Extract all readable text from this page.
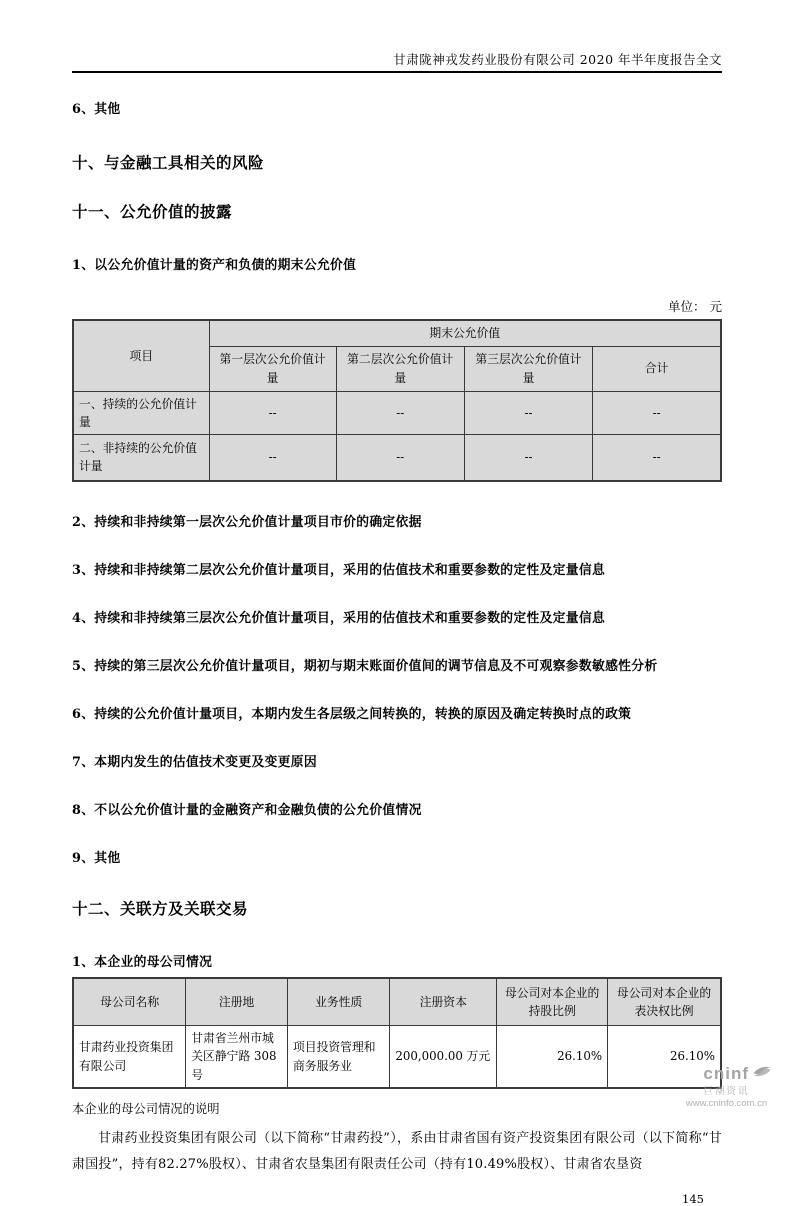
甘肃陇神戎发药业股份有限公司 2020 年半年度报告全文
6、其他
十、与金融工具相关的风险
十一、公允价值的披露
1、以公允价值计量的资产和负债的期末公允价值
单位： 元
项目	期末公允价值			
	第一层次公允价值计量	第二层次公允价值计量	第三层次公允价值计量	合计
一、持续的公允价值计量	--	--	--	--
二、非持续的公允价值计量	--	--	--	--
2、持续和非持续第一层次公允价值计量项目市价的确定依据
3、持续和非持续第二层次公允价值计量项目，采用的估值技术和重要参数的定性及定量信息
4、持续和非持续第三层次公允价值计量项目，采用的估值技术和重要参数的定性及定量信息
5、持续的第三层次公允价值计量项目，期初与期末账面价值间的调节信息及不可观察参数敏感性分析
6、持续的公允价值计量项目，本期内发生各层级之间转换的，转换的原因及确定转换时点的政策
7、本期内发生的估值技术变更及变更原因
8、不以公允价值计量的金融资产和金融负债的公允价值情况
9、其他
十二、关联方及关联交易
1、本企业的母公司情况
母公司名称	注册地	业务性质	注册资本	母公司对本企业的持股比例	母公司对本企业的表决权比例
甘肃药业投资集团有限公司	甘肃省兰州市城关区静宁路 308 号	项目投资管理和商务服务业	200,000.00 万元	26.10%	26.10%
本企业的母公司情况的说明

甘肃药业投资集团有限公司（以下简称“甘肃药投”），系由甘肃省国有资产投资集团有限公司（以下简称“甘肃国投”，持有82.27%股权）、甘肃省农垦集团有限责任公司（持有10.49%股权）、甘肃省农垦资

145
cninf
巨潮资讯
www.cninfo.com.cn
